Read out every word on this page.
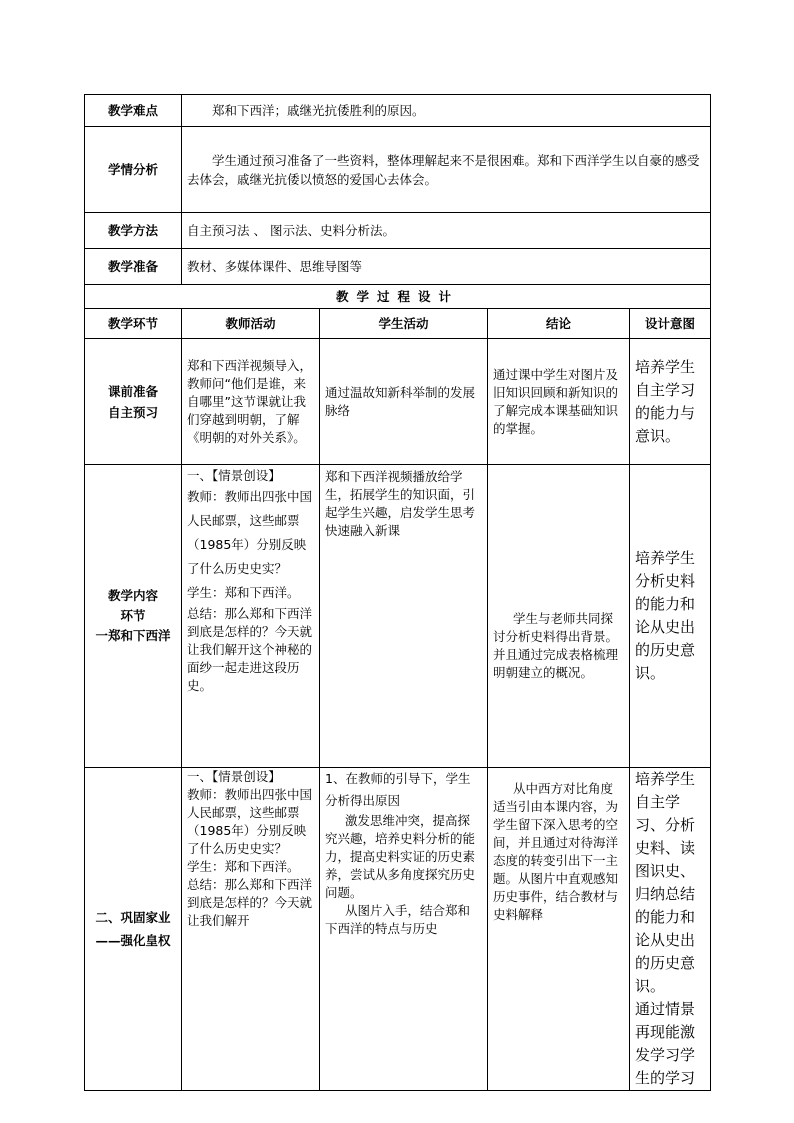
教学难点	郑和下西洋；戚继光抗倭胜利的原因。			
学情分析	学生通过预习准备了一些资料，整体理解起来不是很困难。郑和下西洋学生以自豪的感受去体会，戚继光抗倭以愤怒的爱国心去体会。			
教学方法	自主预习法 、 图示法、史料分析法。			
教学准备	教材、多媒体课件、思维导图等			
教学过程设计				
教学环节	教师活动	学生活动	结论	设计意图
课前准备
自主预习	郑和下西洋视频导入，教师问“他们是谁，来自哪里”这节课就让我们穿越到明朝，了解《明朝的对外关系》。	通过温故知新科举制的发展脉络	通过课中学生对图片及旧知识回顾和新知识的了解完成本课基础知识的掌握。	培养学生自主学习的能力与意识。
教学内容
环节
一郑和下西洋	一、【情景创设】
教师：教师出四张中国人民邮票，这些邮票（1985年）分别反映了什么历史史实？
学生：郑和下西洋。
总结：那么郑和下西洋到底是怎样的？今天就让我们解开这个神秘的面纱一起走进这段历史。	郑和下西洋视频播放给学生，拓展学生的知识面，引起学生兴趣，启发学生思考快速融入新课	学生与老师共同探讨分析史料得出背景。并且通过完成表格梳理明朝建立的概况。	培养学生分析史料的能力和论从史出的历史意识。
二、巩固家业
——强化皇权	一、【情景创设】
教师：教师出四张中国人民邮票，这些邮票（1985年）分别反映了什么历史史实？
学生：郑和下西洋。
总结：那么郑和下西洋到底是怎样的？今天就让我们解开	1、在教师的引导下，学生分析得出原因
激发思维冲突，提高探究兴趣，培养史料分析的能力，提高史料实证的历史素养，尝试从多角度探究历史问题。
从图片入手，结合郑和下西洋的特点与历史	从中西方对比角度适当引由本课内容，为学生留下深入思考的空间，并且通过对待海洋态度的转变引出下一主题。从图片中直观感知历史事件，结合教材与史料解释	培养学生自主学习、分析史料、读图识史、归纳总结的能力和论从史出的历史意识。
通过情景再现能激发学习学生的学习
